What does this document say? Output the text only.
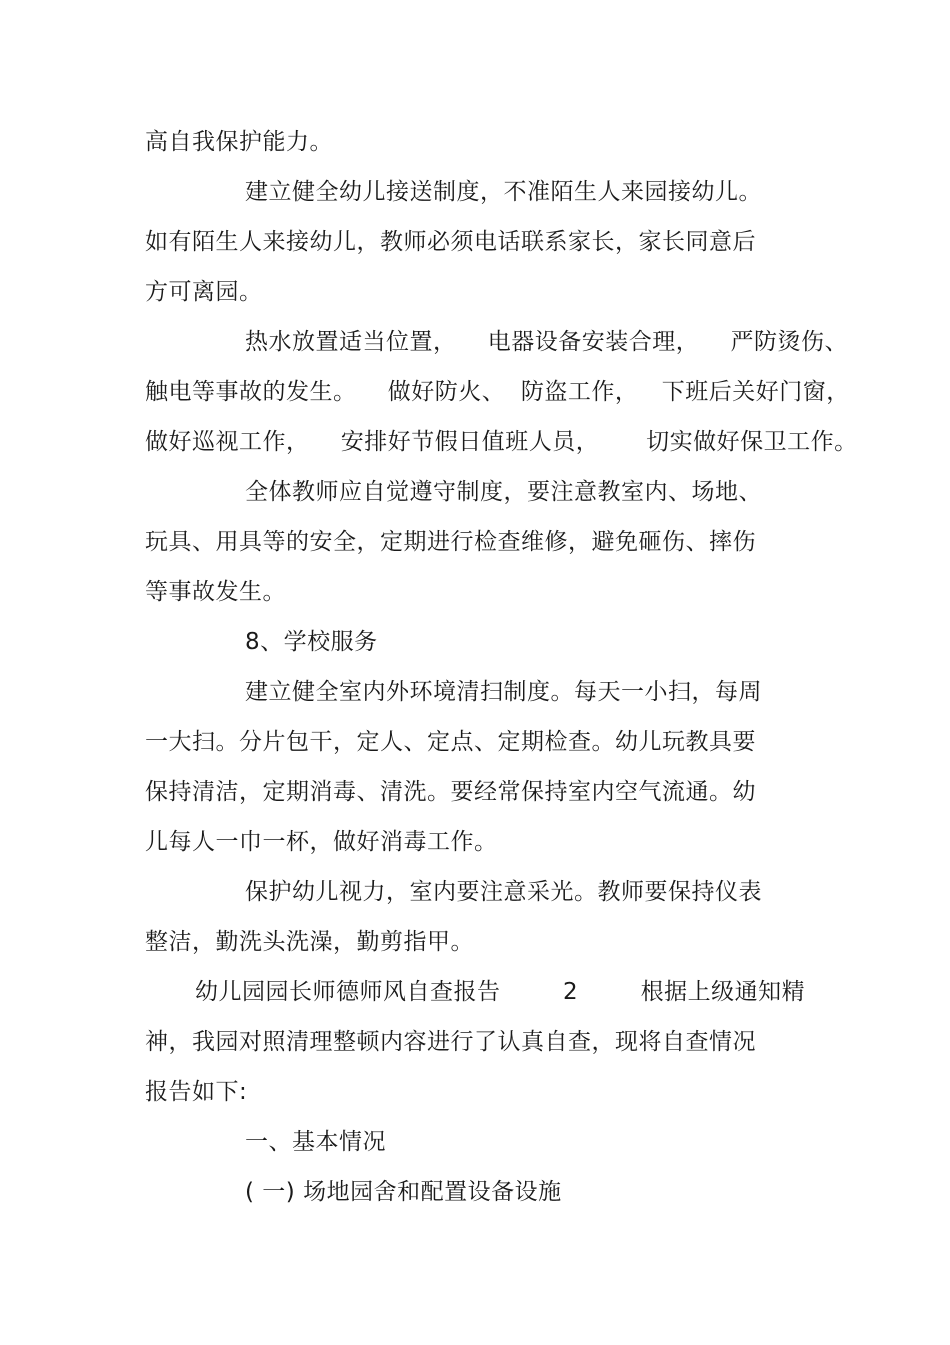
高自我保护能力。
建立健全幼儿接送制度，不准陌生人来园接幼儿。
如有陌生人来接幼儿，教师必须电话联系家长，家长同意后
方可离园。
热水放置适当位置，    电器设备安装合理，    严防烫伤、
触电等事故的发生。    做好防火、  防盗工作，   下班后关好门窗，
做好巡视工作，    安排好节假日值班人员，      切实做好保卫工作。
全体教师应自觉遵守制度，要注意教室内、场地、
玩具、用具等的安全，定期进行检查维修，避免砸伤、摔伤
等事故发生。
8、学校服务
建立健全室内外环境清扫制度。每天一小扫，每周
一大扫。分片包干，定人、定点、定期检查。幼儿玩教具要
保持清洁，定期消毒、清洗。要经常保持室内空气流通。幼
儿每人一巾一杯，做好消毒工作。
保护幼儿视力，室内要注意采光。教师要保持仪表
整洁，勤洗头洗澡，勤剪指甲。
幼儿园园长师德师风自查报告        2        根据上级通知精
神，我园对照清理整顿内容进行了认真自查，现将自查情况
报告如下:
一、基本情况
( 一) 场地园舍和配置设备设施
